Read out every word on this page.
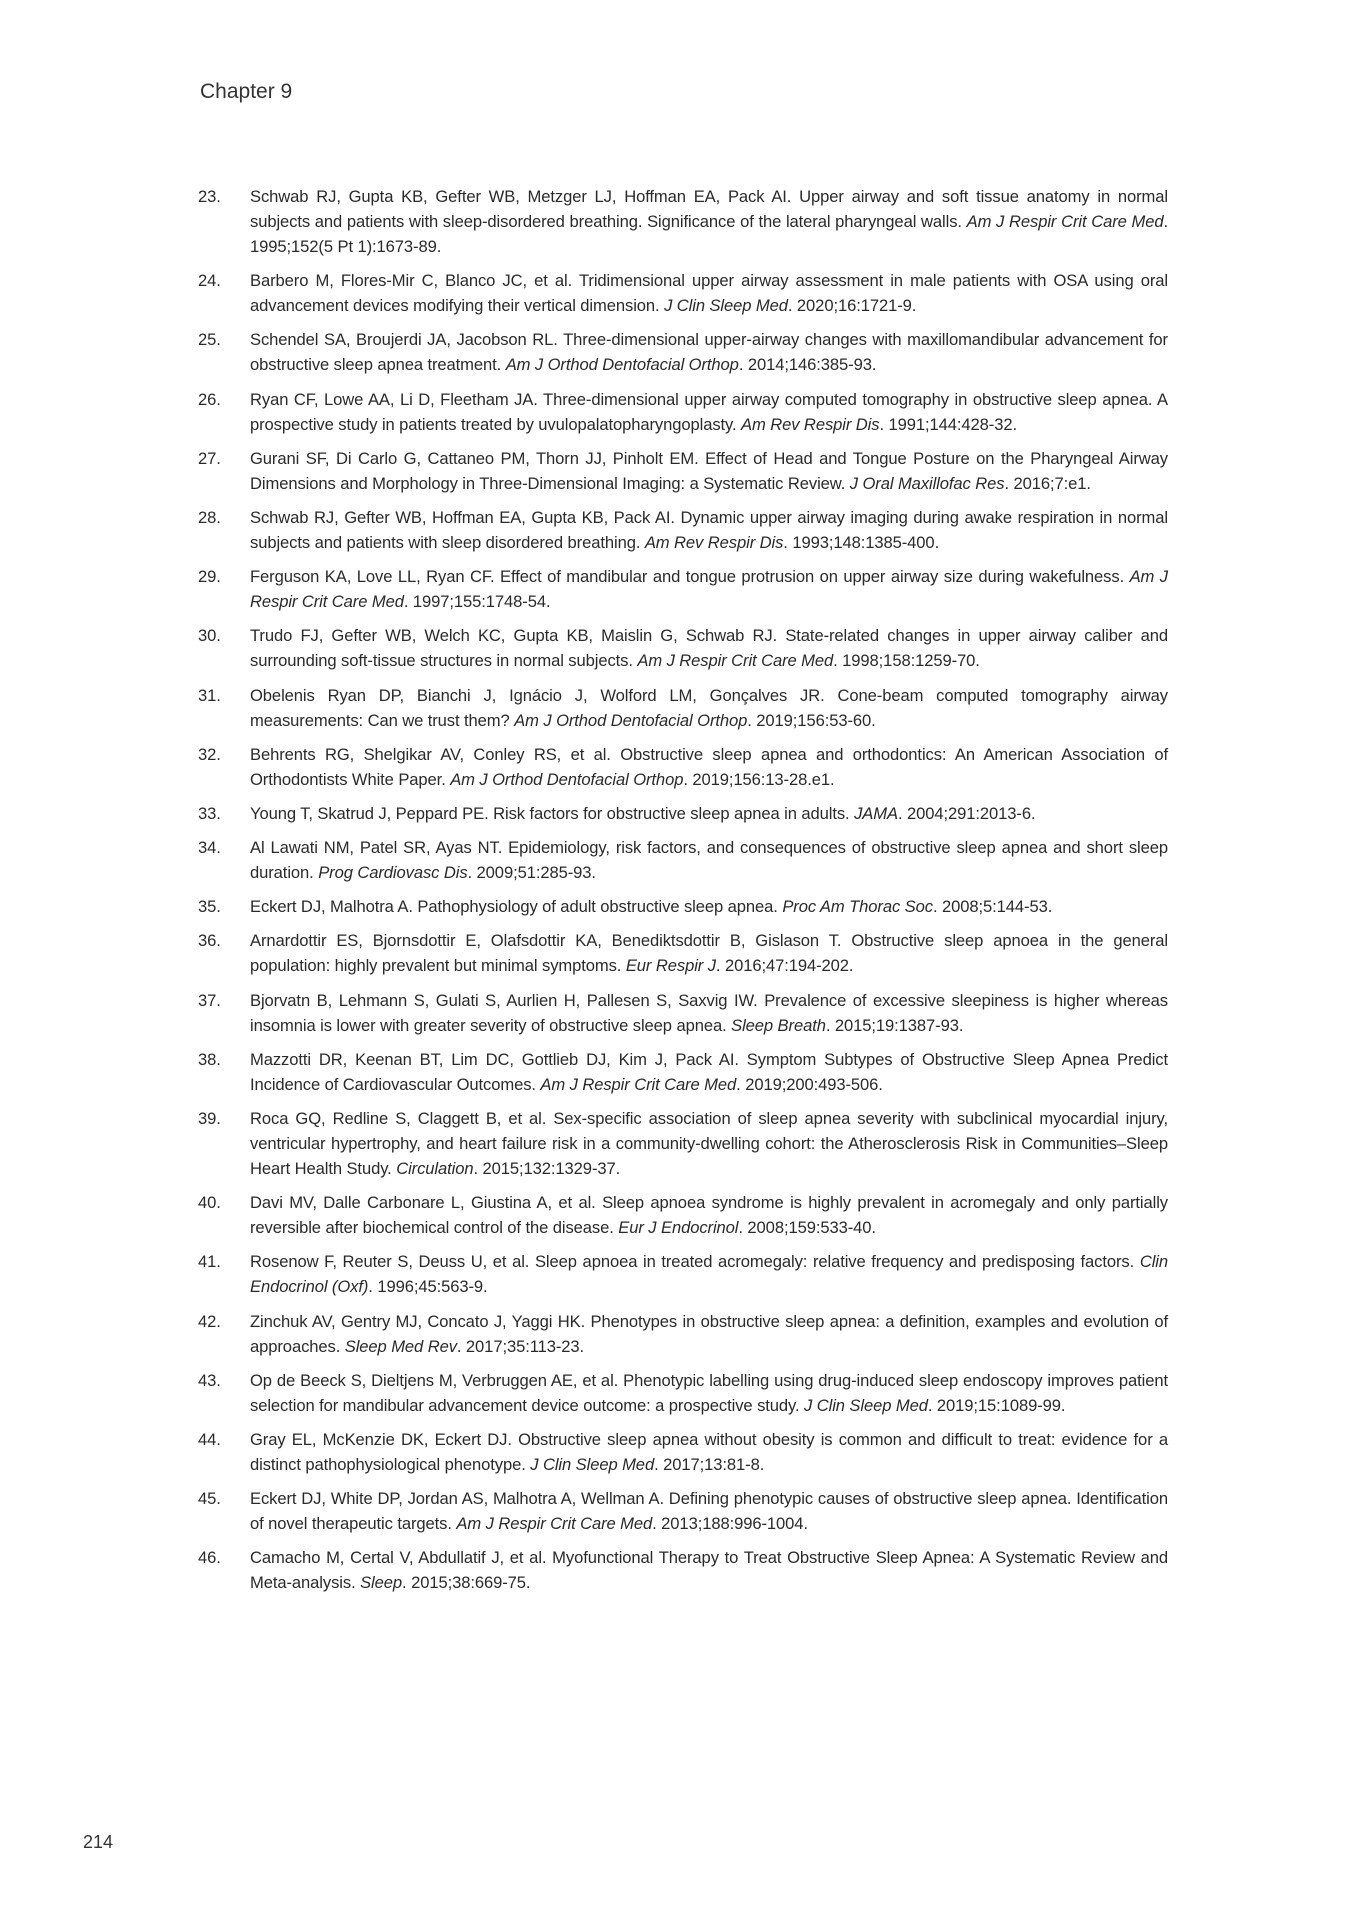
Chapter 9
23.	Schwab RJ, Gupta KB, Gefter WB, Metzger LJ, Hoffman EA, Pack AI. Upper airway and soft tissue anatomy in normal subjects and patients with sleep-disordered breathing. Significance of the lateral pharyngeal walls. Am J Respir Crit Care Med. 1995;152(5 Pt 1):1673-89.
24.	Barbero M, Flores-Mir C, Blanco JC, et al. Tridimensional upper airway assessment in male patients with OSA using oral advancement devices modifying their vertical dimension. J Clin Sleep Med. 2020;16:1721-9.
25.	Schendel SA, Broujerdi JA, Jacobson RL. Three-dimensional upper-airway changes with maxillomandibular advancement for obstructive sleep apnea treatment. Am J Orthod Dentofacial Orthop. 2014;146:385-93.
26.	Ryan CF, Lowe AA, Li D, Fleetham JA. Three-dimensional upper airway computed tomography in obstructive sleep apnea. A prospective study in patients treated by uvulopalatopharyngoplasty. Am Rev Respir Dis. 1991;144:428-32.
27.	Gurani SF, Di Carlo G, Cattaneo PM, Thorn JJ, Pinholt EM. Effect of Head and Tongue Posture on the Pharyngeal Airway Dimensions and Morphology in Three-Dimensional Imaging: a Systematic Review. J Oral Maxillofac Res. 2016;7:e1.
28.	Schwab RJ, Gefter WB, Hoffman EA, Gupta KB, Pack AI. Dynamic upper airway imaging during awake respiration in normal subjects and patients with sleep disordered breathing. Am Rev Respir Dis. 1993;148:1385-400.
29.	Ferguson KA, Love LL, Ryan CF. Effect of mandibular and tongue protrusion on upper airway size during wakefulness. Am J Respir Crit Care Med. 1997;155:1748-54.
30.	Trudo FJ, Gefter WB, Welch KC, Gupta KB, Maislin G, Schwab RJ. State-related changes in upper airway caliber and surrounding soft-tissue structures in normal subjects. Am J Respir Crit Care Med. 1998;158:1259-70.
31.	Obelenis Ryan DP, Bianchi J, Ignácio J, Wolford LM, Gonçalves JR. Cone-beam computed tomography airway measurements: Can we trust them? Am J Orthod Dentofacial Orthop. 2019;156:53-60.
32.	Behrents RG, Shelgikar AV, Conley RS, et al. Obstructive sleep apnea and orthodontics: An American Association of Orthodontists White Paper. Am J Orthod Dentofacial Orthop. 2019;156:13-28.e1.
33.	Young T, Skatrud J, Peppard PE. Risk factors for obstructive sleep apnea in adults. JAMA. 2004;291:2013-6.
34.	Al Lawati NM, Patel SR, Ayas NT. Epidemiology, risk factors, and consequences of obstructive sleep apnea and short sleep duration. Prog Cardiovasc Dis. 2009;51:285-93.
35.	Eckert DJ, Malhotra A. Pathophysiology of adult obstructive sleep apnea. Proc Am Thorac Soc. 2008;5:144-53.
36.	Arnardottir ES, Bjornsdottir E, Olafsdottir KA, Benediktsdottir B, Gislason T. Obstructive sleep apnoea in the general population: highly prevalent but minimal symptoms. Eur Respir J. 2016;47:194-202.
37.	Bjorvatn B, Lehmann S, Gulati S, Aurlien H, Pallesen S, Saxvig IW. Prevalence of excessive sleepiness is higher whereas insomnia is lower with greater severity of obstructive sleep apnea. Sleep Breath. 2015;19:1387-93.
38.	Mazzotti DR, Keenan BT, Lim DC, Gottlieb DJ, Kim J, Pack AI. Symptom Subtypes of Obstructive Sleep Apnea Predict Incidence of Cardiovascular Outcomes. Am J Respir Crit Care Med. 2019;200:493-506.
39.	Roca GQ, Redline S, Claggett B, et al. Sex-specific association of sleep apnea severity with subclinical myocardial injury, ventricular hypertrophy, and heart failure risk in a community-dwelling cohort: the Atherosclerosis Risk in Communities–Sleep Heart Health Study. Circulation. 2015;132:1329-37.
40.	Davi MV, Dalle Carbonare L, Giustina A, et al. Sleep apnoea syndrome is highly prevalent in acromegaly and only partially reversible after biochemical control of the disease. Eur J Endocrinol. 2008;159:533-40.
41.	Rosenow F, Reuter S, Deuss U, et al. Sleep apnoea in treated acromegaly: relative frequency and predisposing factors. Clin Endocrinol (Oxf). 1996;45:563-9.
42.	Zinchuk AV, Gentry MJ, Concato J, Yaggi HK. Phenotypes in obstructive sleep apnea: a definition, examples and evolution of approaches. Sleep Med Rev. 2017;35:113-23.
43.	Op de Beeck S, Dieltjens M, Verbruggen AE, et al. Phenotypic labelling using drug-induced sleep endoscopy improves patient selection for mandibular advancement device outcome: a prospective study. J Clin Sleep Med. 2019;15:1089-99.
44.	Gray EL, McKenzie DK, Eckert DJ. Obstructive sleep apnea without obesity is common and difficult to treat: evidence for a distinct pathophysiological phenotype. J Clin Sleep Med. 2017;13:81-8.
45.	Eckert DJ, White DP, Jordan AS, Malhotra A, Wellman A. Defining phenotypic causes of obstructive sleep apnea. Identification of novel therapeutic targets. Am J Respir Crit Care Med. 2013;188:996-1004.
46.	Camacho M, Certal V, Abdullatif J, et al. Myofunctional Therapy to Treat Obstructive Sleep Apnea: A Systematic Review and Meta-analysis. Sleep. 2015;38:669-75.
214
